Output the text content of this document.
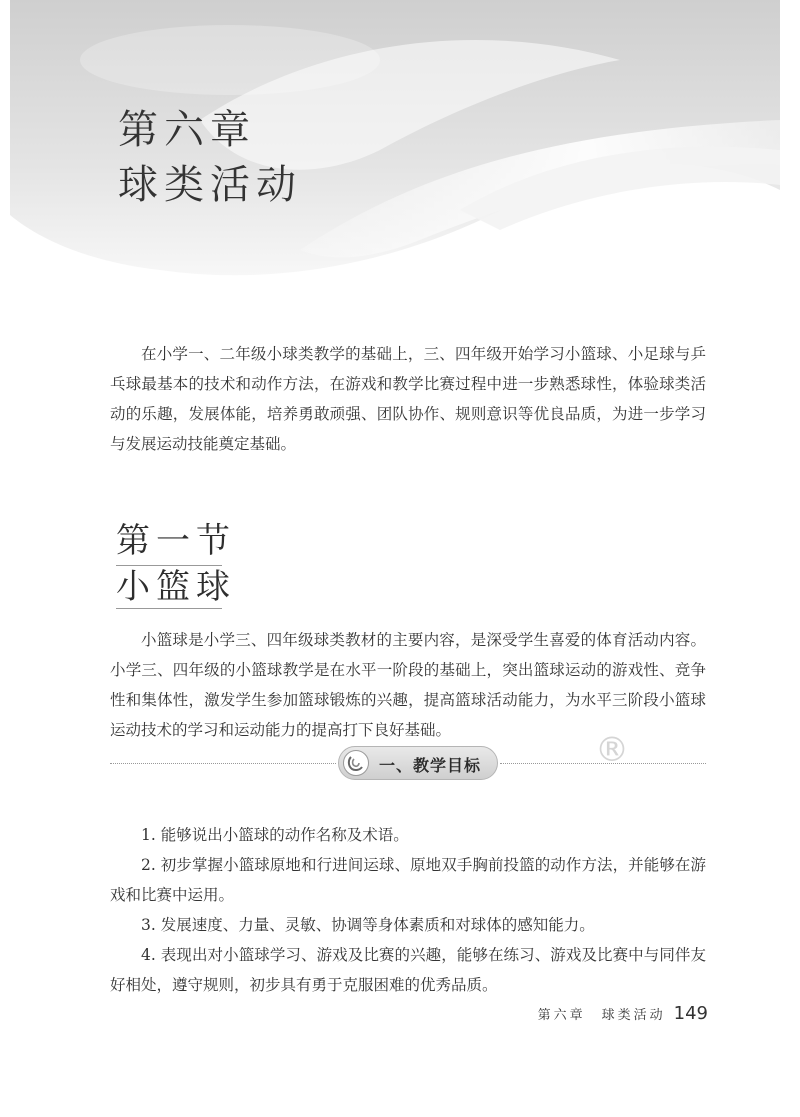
第六章
球类活动

在小学一、二年级小球类教学的基础上，三、四年级开始学习小篮球、小足球与乒乓球最基本的技术和动作方法，在游戏和教学比赛过程中进一步熟悉球性，体验球类活动的乐趣，发展体能，培养勇敢顽强、团队协作、规则意识等优良品质，为进一步学习与发展运动技能奠定基础。

第一节
小篮球

小篮球是小学三、四年级球类教材的主要内容，是深受学生喜爱的体育活动内容。小学三、四年级的小篮球教学是在水平一阶段的基础上，突出篮球运动的游戏性、竞争性和集体性，激发学生参加篮球锻炼的兴趣，提高篮球活动能力，为水平三阶段小篮球运动技术的学习和运动能力的提高打下良好基础。

一、教学目标	®
1. 能够说出小篮球的动作名称及术语。
2. 初步掌握小篮球原地和行进间运球、原地双手胸前投篮的动作方法，并能够在游戏和比赛中运用。
3. 发展速度、力量、灵敏、协调等身体素质和对球体的感知能力。
4. 表现出对小篮球学习、游戏及比赛的兴趣，能够在练习、游戏及比赛中与同伴友好相处，遵守规则，初步具有勇于克服困难的优秀品质。
第六章　球类活动 149
